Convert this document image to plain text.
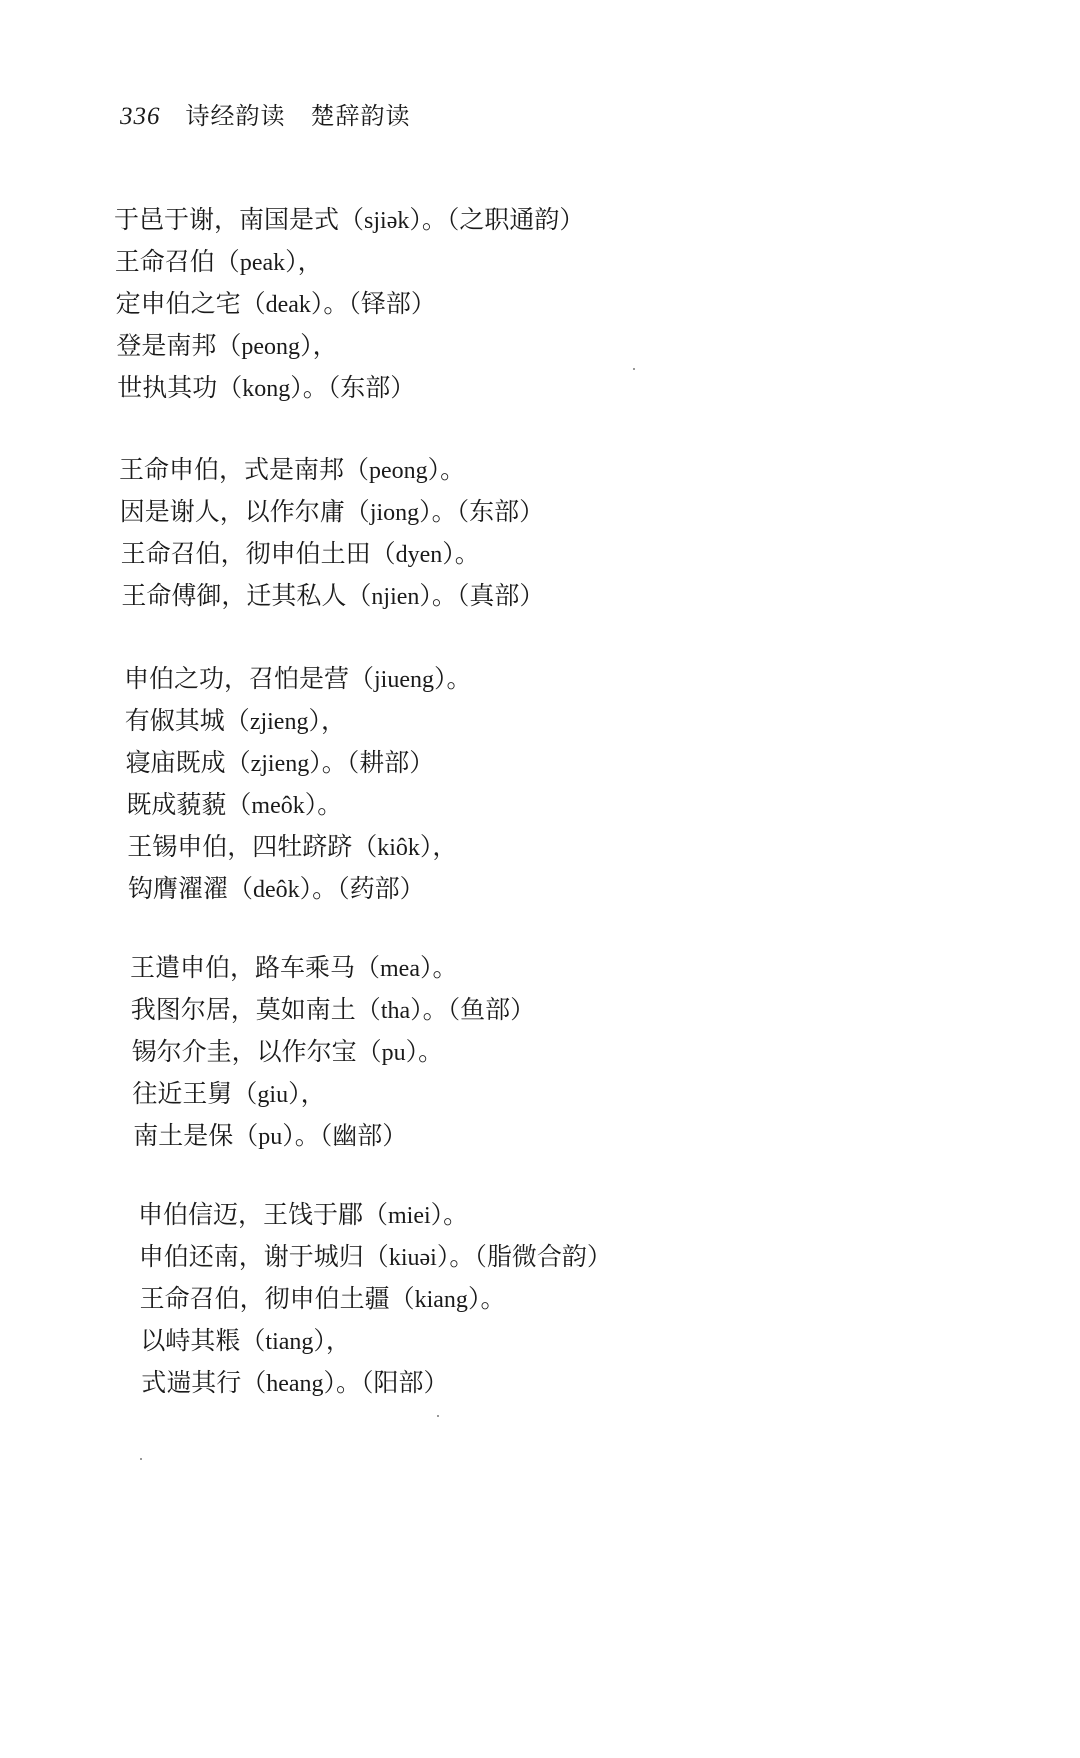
336 诗经韵读　楚辞韵读
于邑于谢，南国是式（sjiək）。（之职通韵）
王命召伯（peak），
定申伯之宅（deak）。（铎部）
登是南邦（peong），
世执其功（kong）。（东部）
王命申伯，式是南邦（peong）。
因是谢人，以作尔庸（jiong）。（东部）
王命召伯，彻申伯土田（dyen）。
王命傅御，迁其私人（njien）。（真部）
申伯之功，召怕是营（jiueng）。
有俶其城（zjieng），
寝庙既成（zjieng）。（耕部）
既成藐藐（meôk）。
王锡申伯，四牡跻跻（kiôk），
钩膺濯濯（deôk）。（药部）
王遣申伯，路车乘马（mea）。
我图尔居，莫如南土（tha）。（鱼部）
锡尔介圭，以作尔宝（pu）。
往近王舅（giu），
南土是保（pu）。（幽部）
申伯信迈，王饯于郿（miei）。
申伯还南，谢于城归（kiuəi）。（脂微合韵）
王命召伯，彻申伯土疆（kiang）。
以峙其粻（tiang），
式遄其行（heang）。（阳部）
